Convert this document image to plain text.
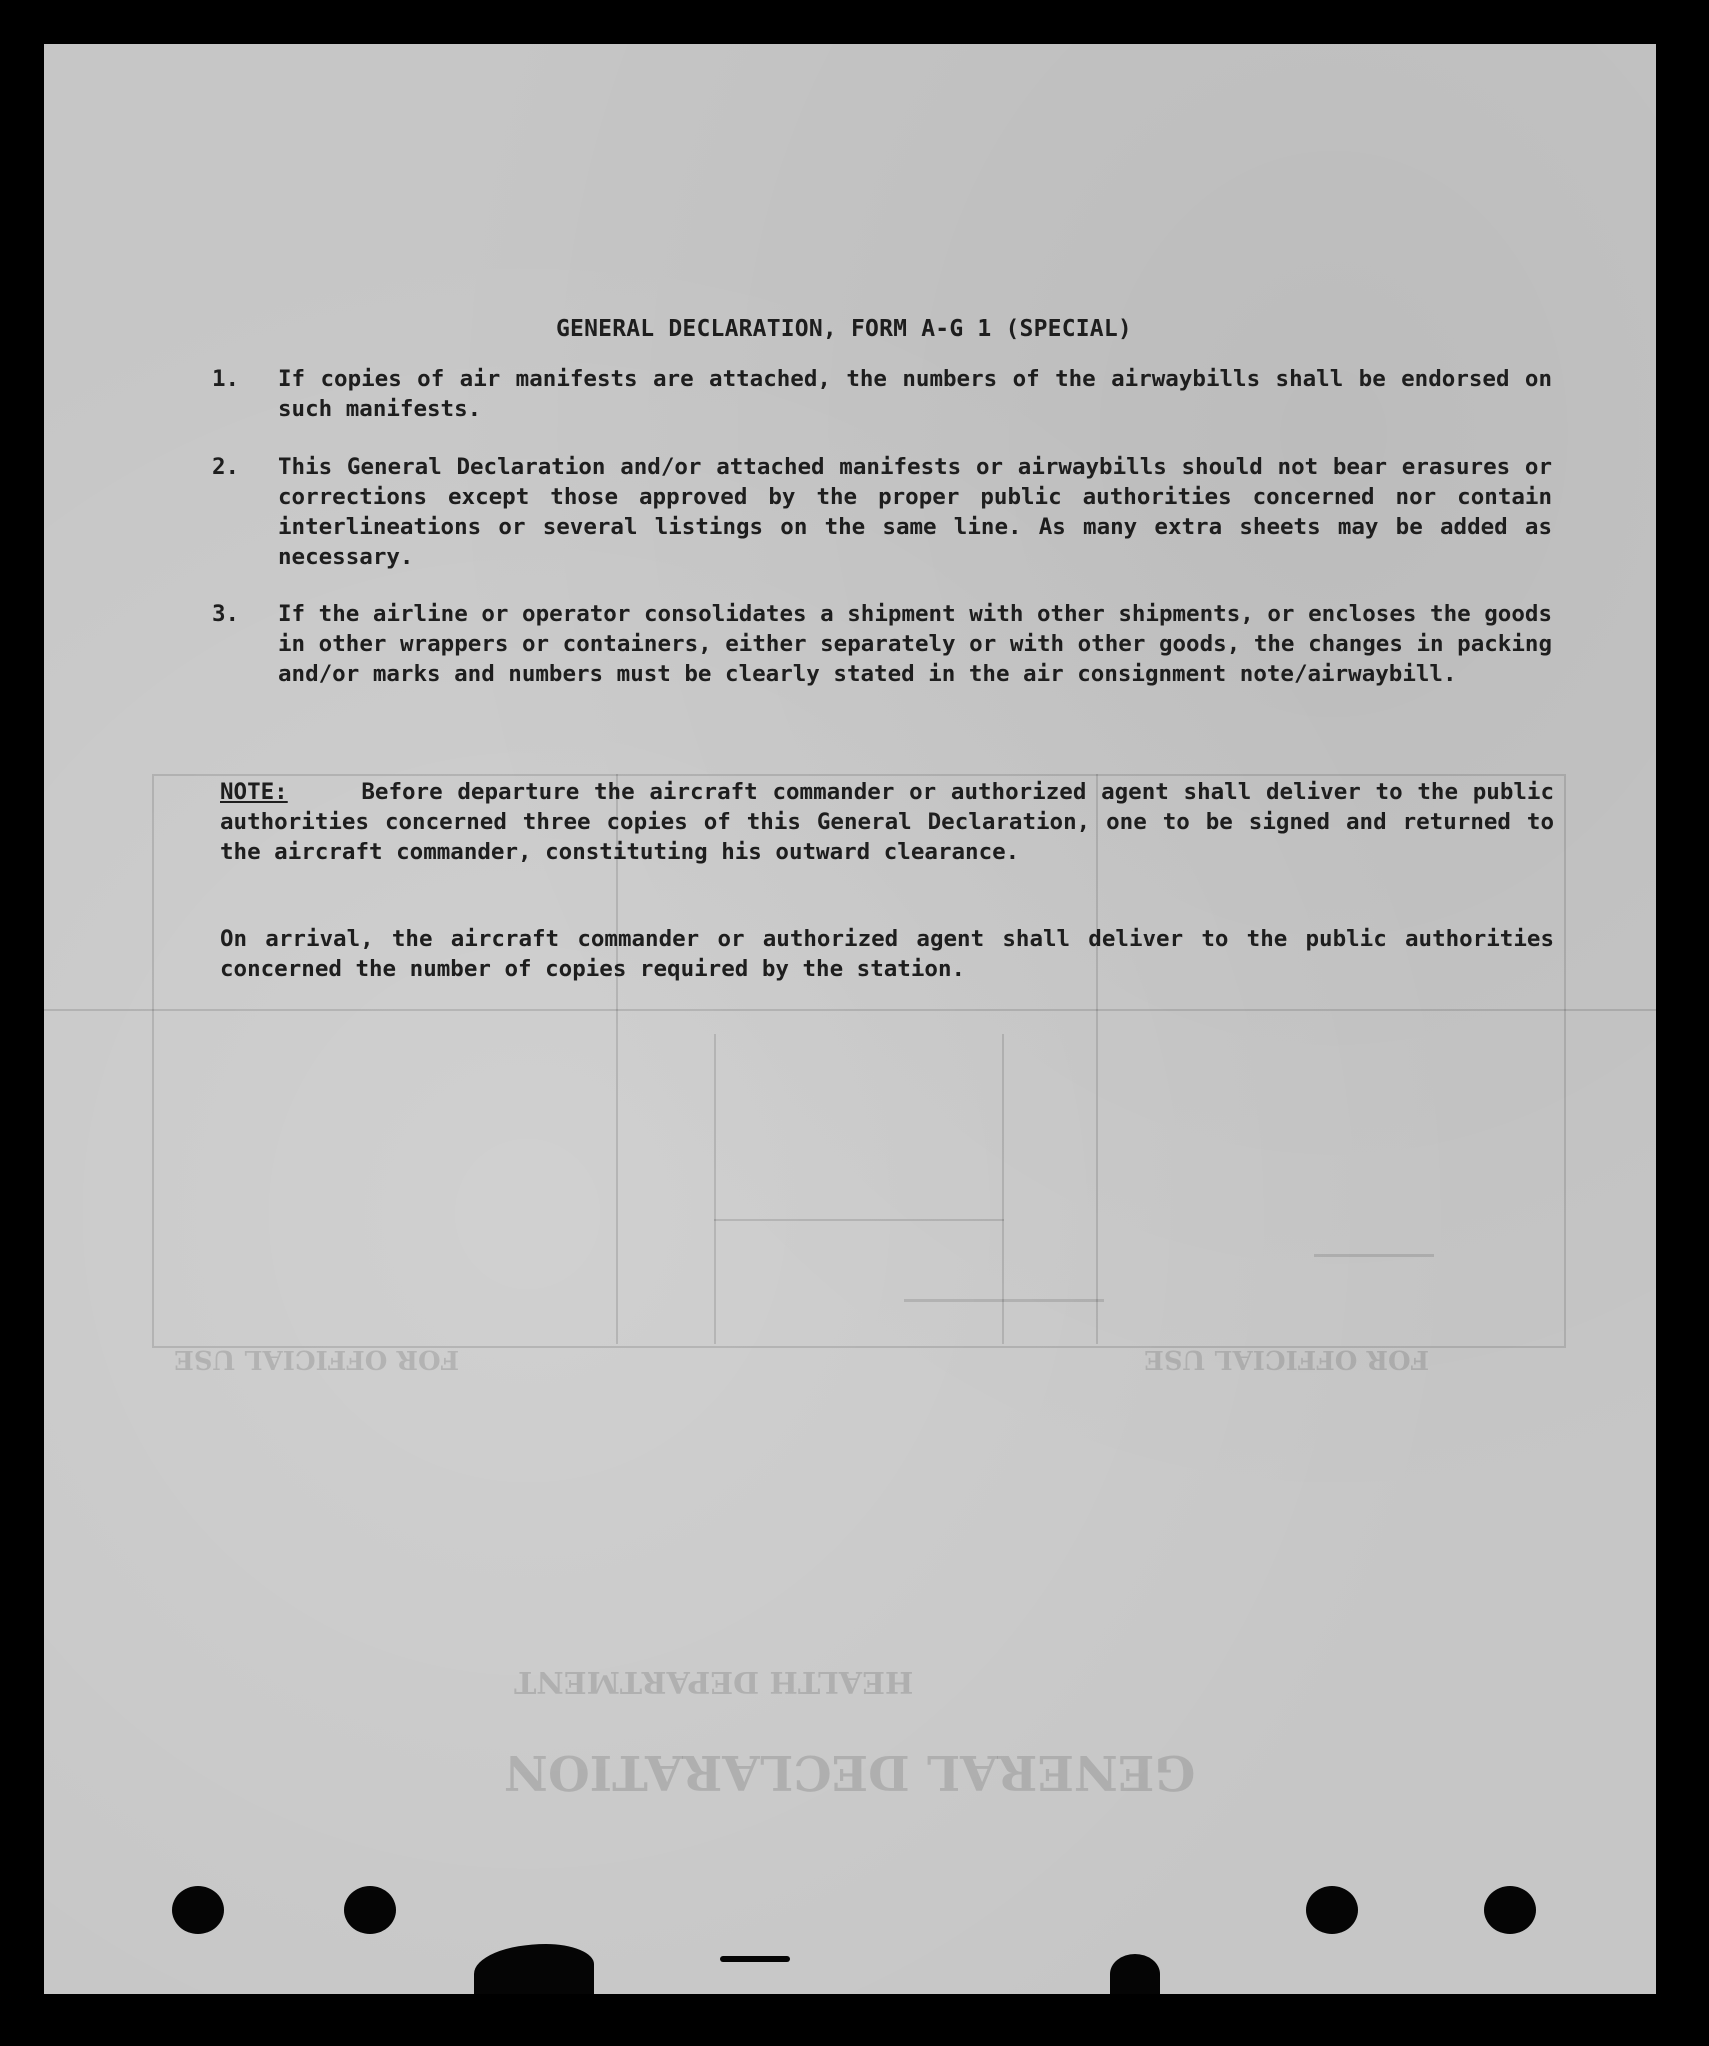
GENERAL DECLARATION
HEALTH DEPARTMENT
FOR OFFICIAL USE	FOR OFFICIAL USE
GENERAL DECLARATION, FORM A-G 1 (SPECIAL)
1.	If copies of air manifests are attached, the numbers of the airwaybills shall be endorsed on such manifests.
2.	This General Declaration and/or attached manifests or airwaybills should not bear erasures or corrections except those approved by the proper public authorities concerned nor contain interlineations or several listings on the same line. As many extra sheets may be added as necessary.
3.	If the airline or operator consolidates a shipment with other shipments, or encloses the goods in other wrappers or containers, either separately or with other goods, the changes in packing and/or marks and numbers must be clearly stated in the air consignment note/airwaybill.
NOTE:	Before departure the aircraft commander or authorized agent shall deliver to the public authorities concerned three copies of this General Declaration, one to be signed and returned to the aircraft commander, constituting his outward clearance.
On arrival, the aircraft commander or authorized agent shall deliver to the public authorities concerned the number of copies required by the station.
